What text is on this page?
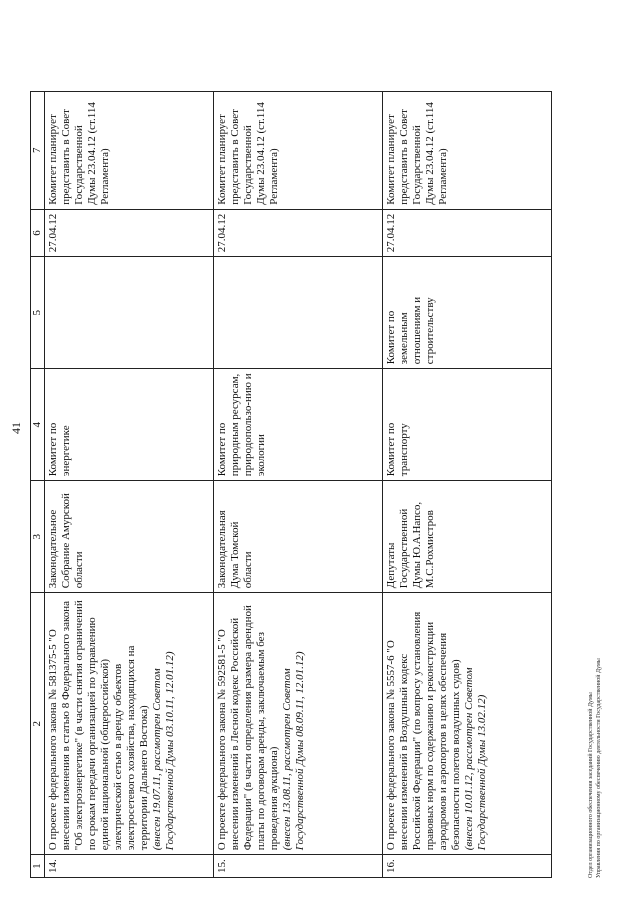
41
1	2	3	4	5	6	7
14.	О проекте федерального закона № 581375-5 "О внесении изменения в статью 8 Федерального закона "Об электроэнергетике" (в части снятия ограничений по срокам передачи организацией по управлению единой национальной (общероссийской) электрической сетью в аренду объектов электросетевого хозяйства, находящихся на территории Дальнего Востока) (внесен 19.07.11, рассмотрен Советом Государственной Думы 03.10.11, 12.01.12)	Законодательное Собрание Амурской области	Комитет по энергетике		27.04.12	Комитет планирует представить в Совет Государственной Думы 23.04.12 (ст.114 Регламента)
15.	О проекте федерального закона № 592581-5 "О внесении изменений в Лесной кодекс Российской Федерации" (в части определения размера арендной платы по договорам аренды, заключаемым без проведения аукциона) (внесен 13.08.11, рассмотрен Советом Государственной Думы 08.09.11, 12.01.12)	Законодательная Дума Томской области	Комитет по природным ресурсам, природопользо-нию и экологии		27.04.12	Комитет планирует представить в Совет Государственной Думы 23.04.12 (ст.114 Регламента)
16.	О проекте федерального закона № 5557-6 "О внесении изменений в Воздушный кодекс Российской Федерации" (по вопросу установления правовых норм по содержанию и реконструкции аэродромов и аэропортов в целях обеспечения безопасности полетов воздушных судов) (внесен 10.01.12, рассмотрен Советом Государственной Думы 13.02.12)	Депутаты Государственной Думы Ю.А.Напсо, М.С.Рохмистров	Комитет по транспорту	Комитет по земельным отношениям и строительству	27.04.12	Комитет планирует представить в Совет Государственной Думы 23.04.12 (ст.114 Регламента)
Отдел организационного обеспечения заседаний Государственной Думы Управления по организационному обеспечению деятельности Государственной Думы
